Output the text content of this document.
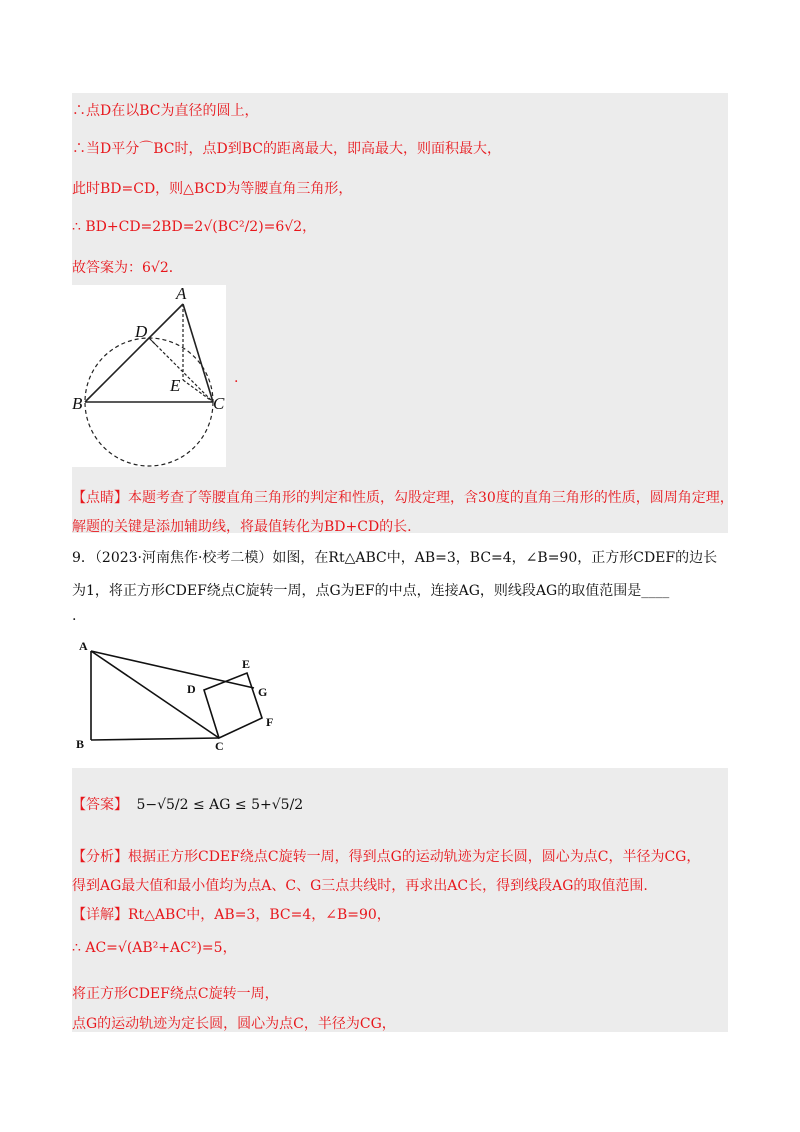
∴点D在以BC为直径的圆上，
∴当D平分⌒BC时，点D到BC的距离最大，即高最大，则面积最大，
此时BD=CD，则△BCD为等腰直角三角形，
∴ BD+CD=2BD=2√(BC²/2)=6√2，
故答案为：6√2．
A
D
E
B	C
.
【点睛】本题考查了等腰直角三角形的判定和性质，勾股定理，含30度的直角三角形的性质，圆周角定理，
解题的关键是添加辅助线，将最值转化为BD+CD的长.
9．（2023·河南焦作·校考二模）如图，在Rt△ABC中，AB=3，BC=4，∠B=90，正方形CDEF的边长
为1，将正方形CDEF绕点C旋转一周，点G为EF的中点，连接AG，则线段AG的取值范围是____
.
A
B	C
D
E
G
F
【答案】 5−√5/2 ≤ AG ≤ 5+√5/2
【分析】根据正方形CDEF绕点C旋转一周，得到点G的运动轨迹为定长圆，圆心为点C，半径为CG，
得到AG最大值和最小值均为点A、C、G三点共线时，再求出AC长，得到线段AG的取值范围.
【详解】Rt△ABC中，AB=3，BC=4，∠B=90，
∴ AC=√(AB²+AC²)=5，
将正方形CDEF绕点C旋转一周，
点G的运动轨迹为定长圆，圆心为点C，半径为CG，
